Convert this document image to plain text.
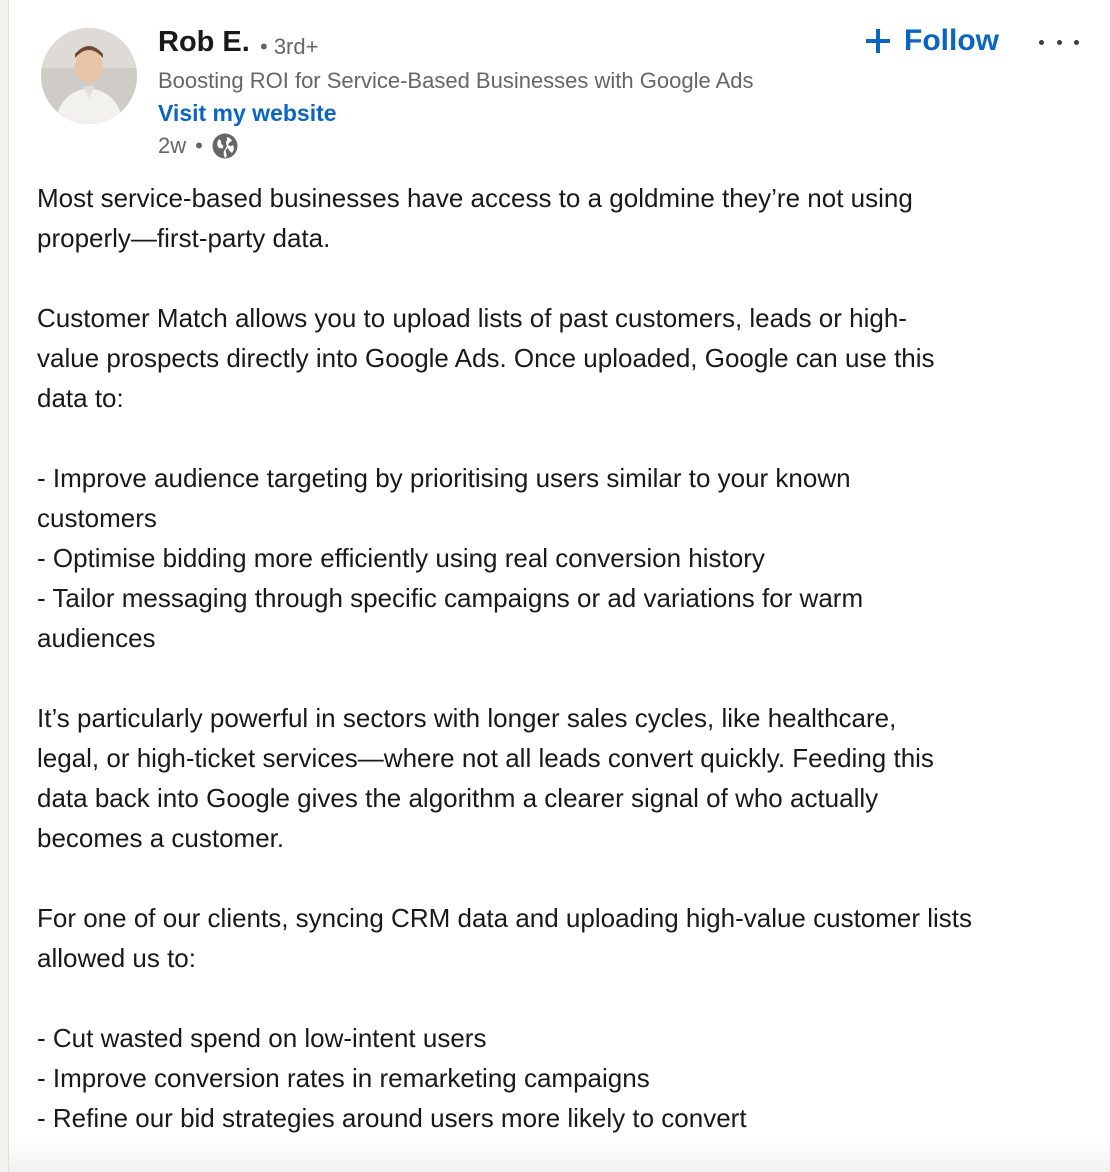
Rob E. • 3rd+
Boosting ROI for Service-Based Businesses with Google Ads
Visit my website
2w •
Follow
Most service-based businesses have access to a goldmine they’re not using
properly—first-party data.
Customer Match allows you to upload lists of past customers, leads or high-
value prospects directly into Google Ads. Once uploaded, Google can use this
data to:
- Improve audience targeting by prioritising users similar to your known
customers
- Optimise bidding more efficiently using real conversion history
- Tailor messaging through specific campaigns or ad variations for warm
audiences
It’s particularly powerful in sectors with longer sales cycles, like healthcare,
legal, or high-ticket services—where not all leads convert quickly. Feeding this
data back into Google gives the algorithm a clearer signal of who actually
becomes a customer.
For one of our clients, syncing CRM data and uploading high-value customer lists
allowed us to:
- Cut wasted spend on low-intent users
- Improve conversion rates in remarketing campaigns
- Refine our bid strategies around users more likely to convert
